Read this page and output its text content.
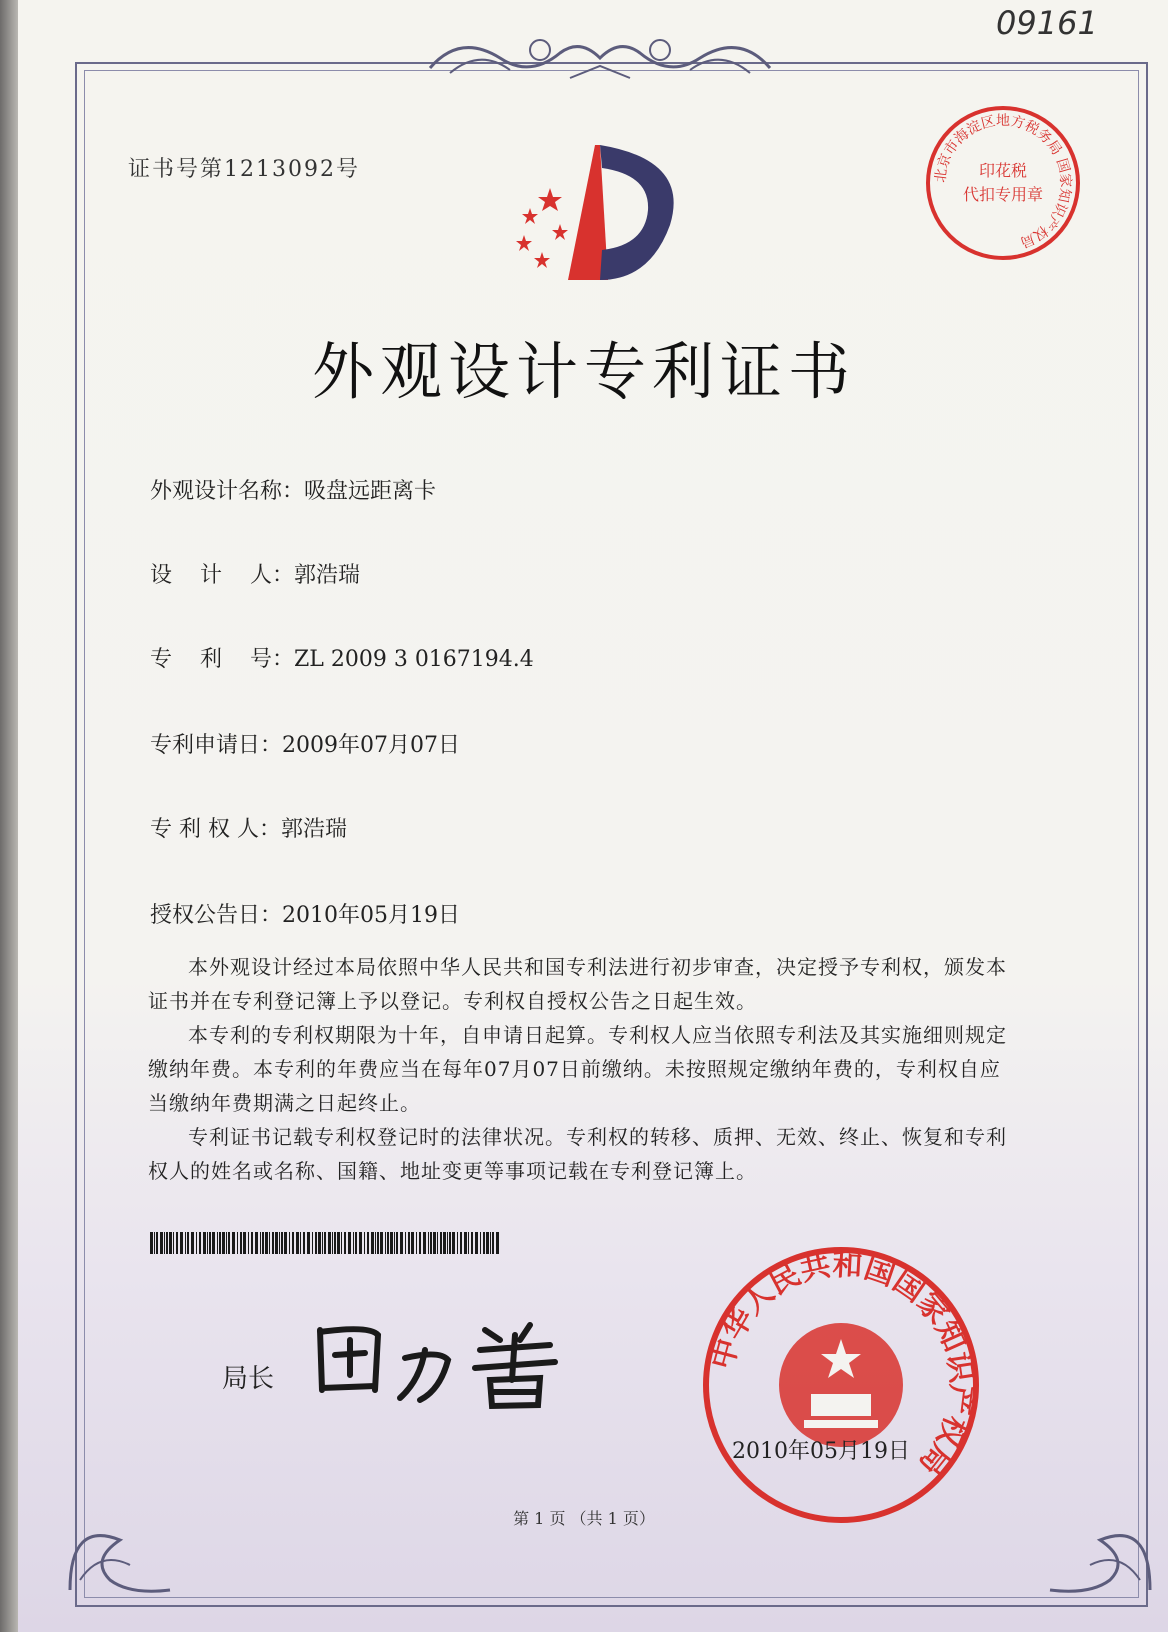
09161
证书号第1213092号
外观设计专利证书
外观设计名称：吸盘远距离卡
设    计    人：郭浩瑞
专    利    号：ZL 2009 3 0167194.4
专利申请日：2009年07月07日
专 利 权 人：郭浩瑞
授权公告日：2010年05月19日
本外观设计经过本局依照中华人民共和国专利法进行初步审查，决定授予专利权，颁发本证书并在专利登记簿上予以登记。专利权自授权公告之日起生效。
本专利的专利权期限为十年，自申请日起算。专利权人应当依照专利法及其实施细则规定缴纳年费。本专利的年费应当在每年07月07日前缴纳。未按照规定缴纳年费的，专利权自应当缴纳年费期满之日起终止。
专利证书记载专利权登记时的法律状况。专利权的转移、质押、无效、终止、恢复和专利权人的姓名或名称、国籍、地址变更等事项记载在专利登记簿上。
局长
北京市海淀区地方税务局 国家知识产权局
印花税
代扣专用章
中华人民共和国国家知识产权局
2010年05月19日
第 1 页 （共 1 页）
